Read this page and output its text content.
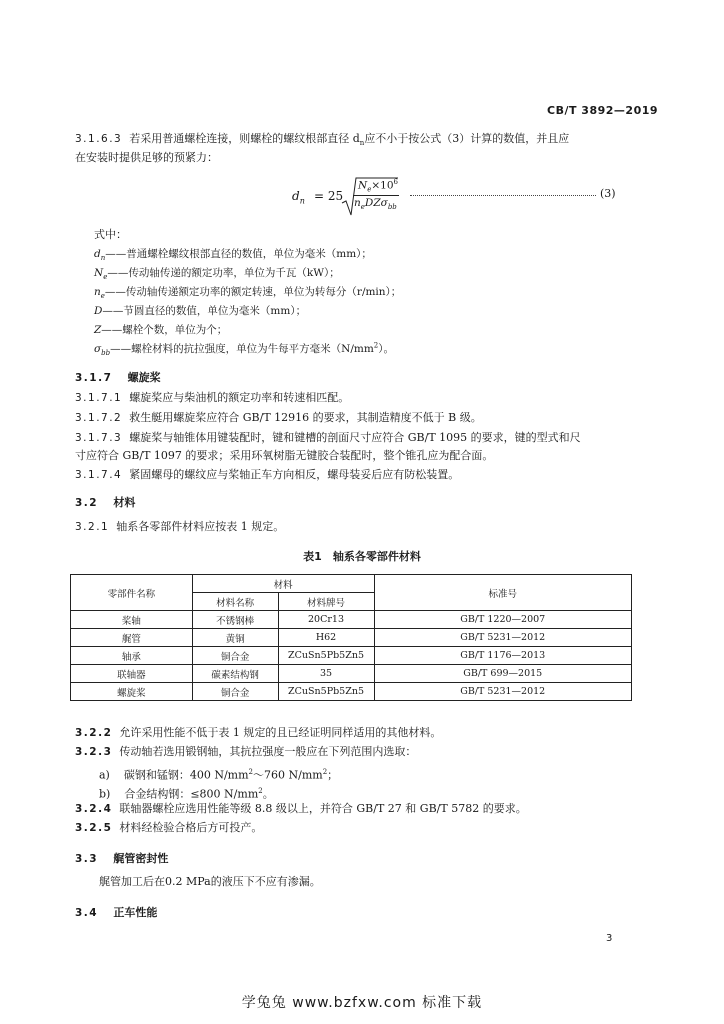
CB/T 3892—2019
3.1.6.3 若采用普通螺栓连接，则螺栓的螺纹根部直径 $d_n$应不小于按公式（3）计算的数值，并且应
在安装时提供足够的预紧力：
$d_n = 25$
$N_e\times 10^6$
$n_eDZ\sigma_{bb}$
(3)
式中：
$d_n——$普通螺栓螺纹根部直径的数值，单位为毫米（mm）；
$N_e——$传动轴传递的额定功率，单位为千瓦（kW）；
$n_e——$传动轴传递额定功率的额定转速，单位为转每分（r/min）；
D——节圆直径的数值，单位为毫米（mm）；
Z——螺栓个数，单位为个；
$\sigma_{bb}——$螺栓材料的抗拉强度，单位为牛每平方毫米$(N/mm^2)$。
3.1.7 螺旋桨
3.1.7.1 螺旋桨应与柴油机的额定功率和转速相匹配。
3.1.7.2 救生艇用螺旋桨应符合 GB/T 12916 的要求，其制造精度不低于 B 级。
3.1.7.3 螺旋桨与轴锥体用键装配时，键和键槽的剖面尺寸应符合 GB/T 1095 的要求，键的型式和尺
寸应符合 GB/T 1097 的要求；采用环氧树脂无键胶合装配时，整个锥孔应为配合面。
3.1.7.4 紧固螺母的螺纹应与桨轴正车方向相反，螺母装妥后应有防松装置。
3.2 材料
3.2.1 轴系各零部件材料应按表 1 规定。
表1　轴系各零部件材料
零部件名称	材料		标准号
	材料名称	材料牌号	
桨轴	不锈钢棒	20Cr13	GB/T 1220—2007
艉管	黄铜	H62	GB/T 5231—2012
轴承	铜合金	ZCuSn5Pb5Zn5	GB/T 1176—2013
联轴器	碳素结构钢	35	GB/T 699—2015
螺旋桨	铜合金	ZCuSn5Pb5Zn5	GB/T 5231—2012
3.2.2 允许采用性能不低于表 1 规定的且已经证明同样适用的其他材料。
3.2.3 传动轴若选用锻钢轴，其抗拉强度一般应在下列范围内选取：
a) 碳钢和锰钢：400 $N/mm^2\sim 760$ $N/mm^2$；
b) 合金结构钢：≤800 $N/mm^2$。
3.2.4 联轴器螺栓应选用性能等级 8.8 级以上，并符合 GB/T 27 和 GB/T 5782 的要求。
3.2.5 材料经检验合格后方可投产。
3.3 艉管密封性
艉管加工后在0.2 MPa的液压下不应有渗漏。
3.4 正车性能
3
学兔兔 www.bzfxw.com 标准下载
